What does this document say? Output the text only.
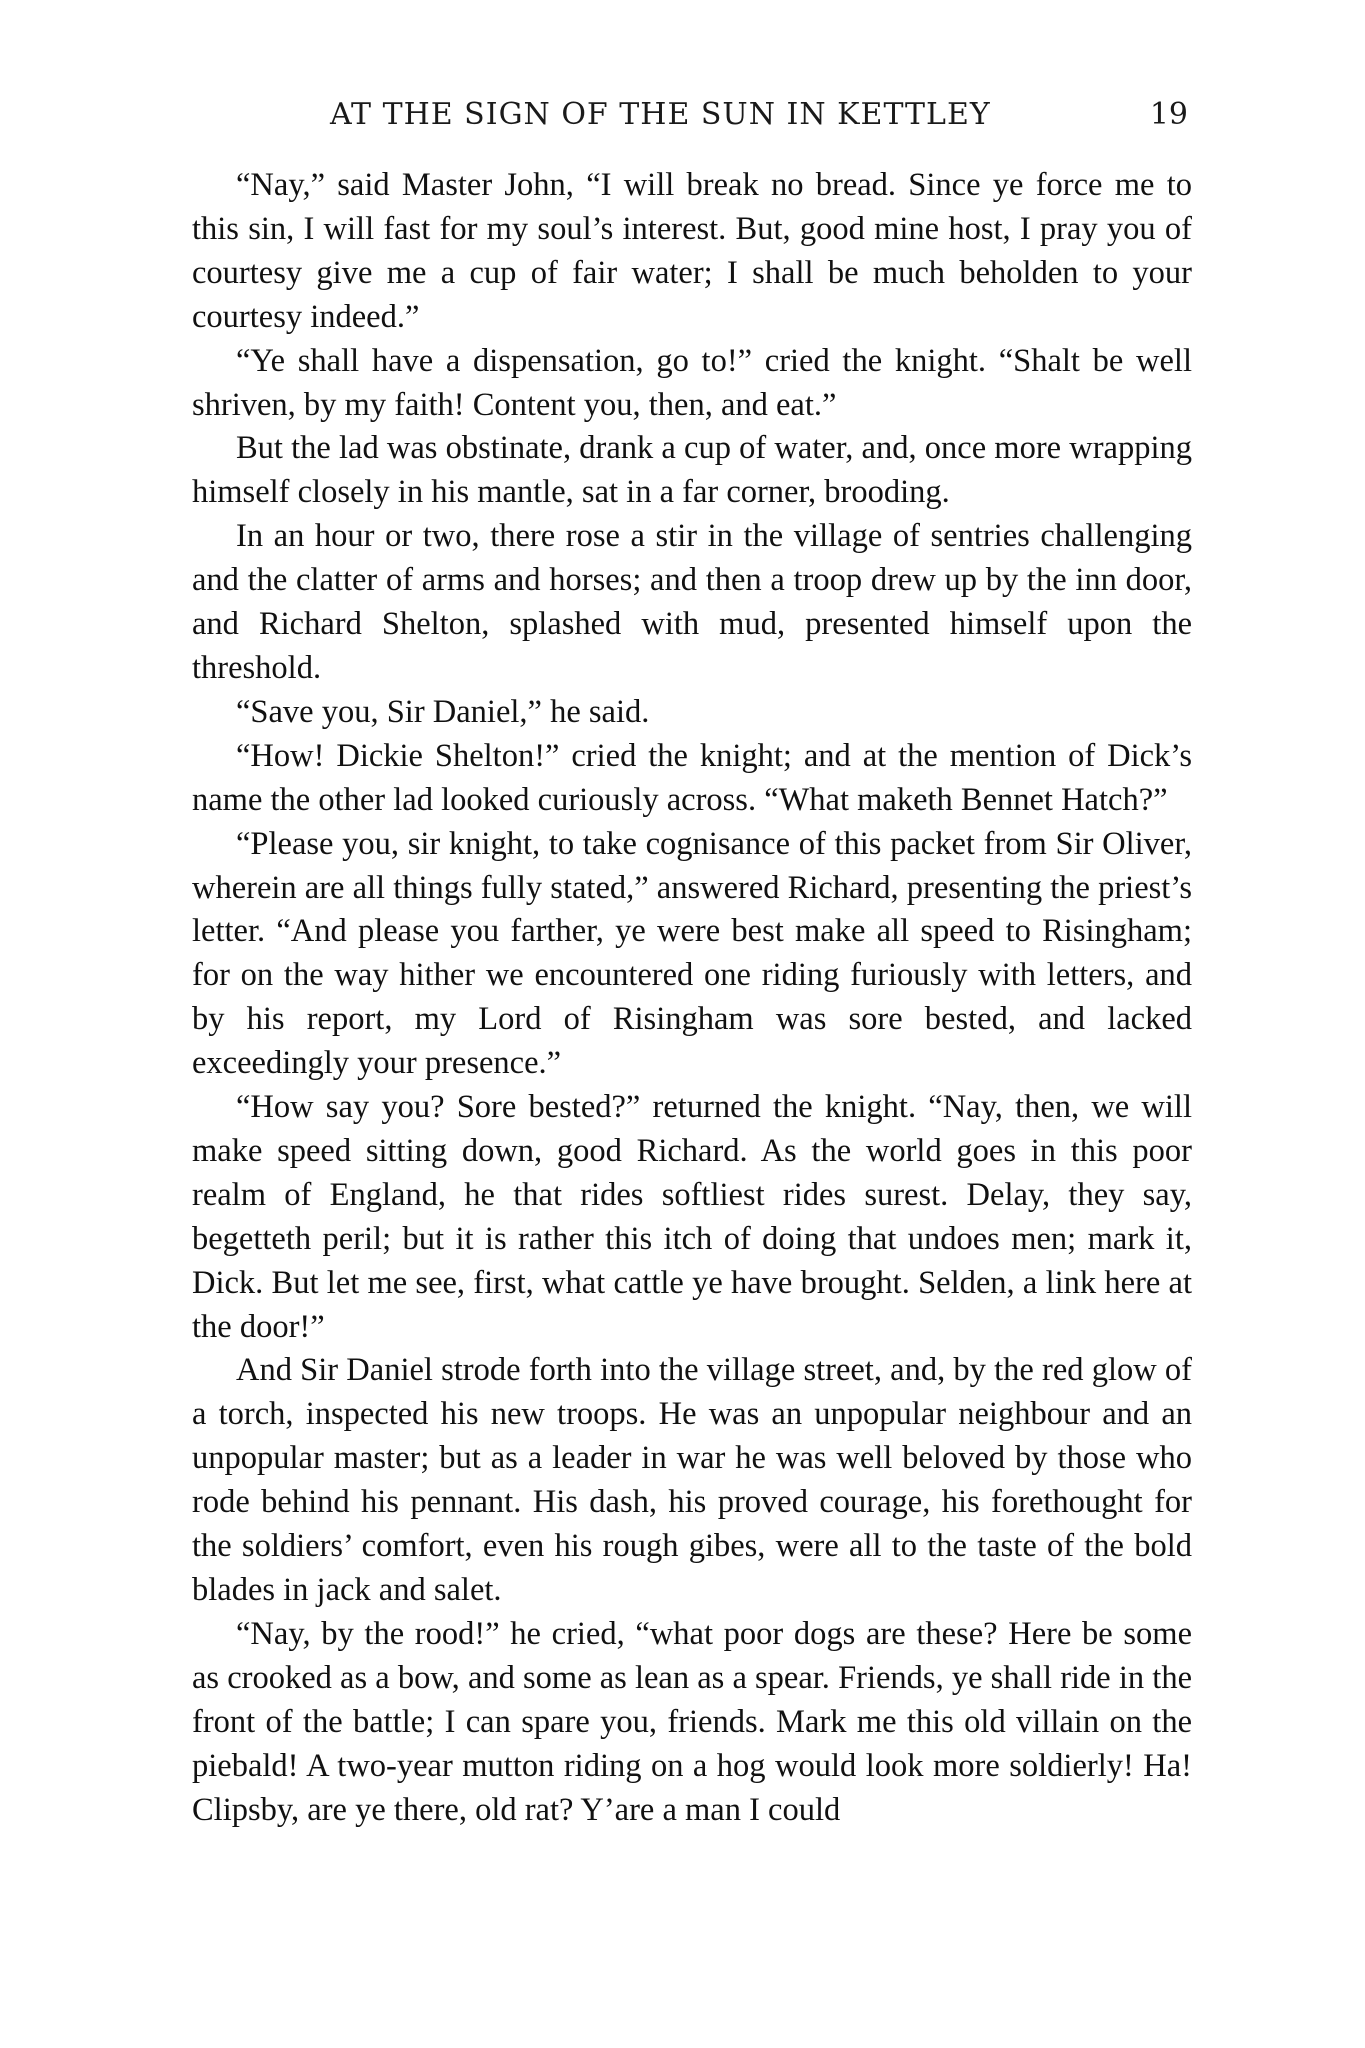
AT THE SIGN OF THE SUN IN KETTLEY	19

“Nay,” said Master John, “I will break no bread. Since ye force me to this sin, I will fast for my soul’s interest. But, good mine host, I pray you of courtesy give me a cup of fair water; I shall be much beholden to your courtesy indeed.”

“Ye shall have a dispensation, go to!” cried the knight. “Shalt be well shriven, by my faith! Content you, then, and eat.”

But the lad was obstinate, drank a cup of water, and, once more wrapping himself closely in his mantle, sat in a far corner, brooding.

In an hour or two, there rose a stir in the village of sentries challenging and the clatter of arms and horses; and then a troop drew up by the inn door, and Richard Shelton, splashed with mud, presented himself upon the threshold.

“Save you, Sir Daniel,” he said.

“How! Dickie Shelton!” cried the knight; and at the mention of Dick’s name the other lad looked curiously across. “What maketh Bennet Hatch?”

“Please you, sir knight, to take cognisance of this packet from Sir Oliver, wherein are all things fully stated,” answered Richard, presenting the priest’s letter. “And please you farther, ye were best make all speed to Risingham; for on the way hither we encountered one riding furiously with letters, and by his report, my Lord of Risingham was sore bested, and lacked exceedingly your presence.”

“How say you? Sore bested?” returned the knight. “Nay, then, we will make speed sitting down, good Richard. As the world goes in this poor realm of England, he that rides softliest rides surest. Delay, they say, begetteth peril; but it is rather this itch of doing that undoes men; mark it, Dick. But let me see, first, what cattle ye have brought. Selden, a link here at the door!”

And Sir Daniel strode forth into the village street, and, by the red glow of a torch, inspected his new troops. He was an unpopular neighbour and an unpopular master; but as a leader in war he was well beloved by those who rode behind his pennant. His dash, his proved courage, his forethought for the soldiers’ comfort, even his rough gibes, were all to the taste of the bold blades in jack and salet.

“Nay, by the rood!” he cried, “what poor dogs are these? Here be some as crooked as a bow, and some as lean as a spear. Friends, ye shall ride in the front of the battle; I can spare you, friends. Mark me this old villain on the piebald! A two-year mutton riding on a hog would look more soldierly! Ha! Clipsby, are ye there, old rat? Y’are a man I could
